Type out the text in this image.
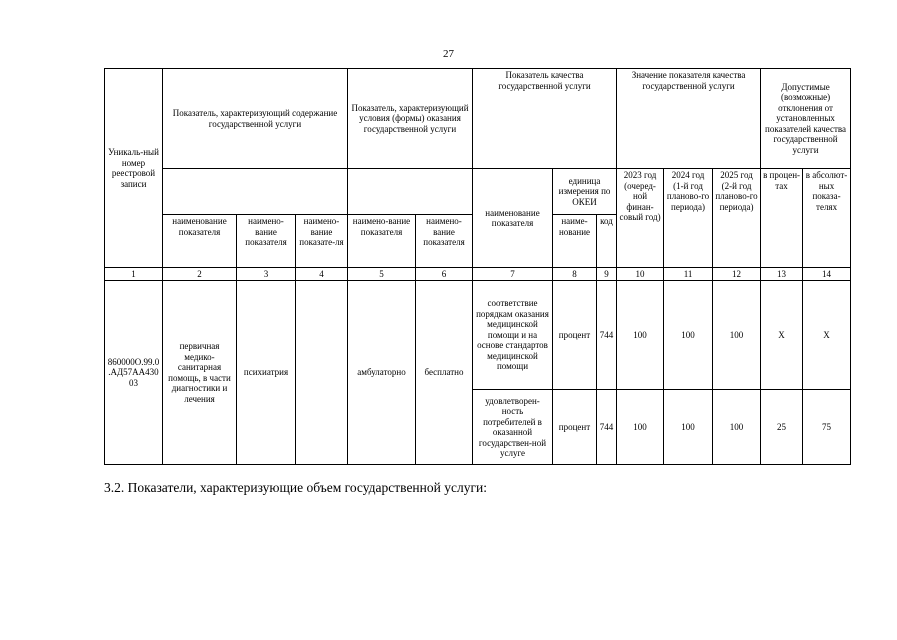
27
Уникаль-ный номер реестровой записи	Показатель, характеризующий содержание государственной услуги			Показатель, характеризующий условия (формы) оказания государственной услуги		Показатель качества государственной услуги			Значение показателя качества государственной услуги			Допустимые (возможные) отклонения от установленных показателей качества государственной услуги	
						наименование показателя	единица измерения по ОКЕИ		2023 год (очеред-ной финан-совый год)	2024 год (1-й год планово-го периода)	2025 год (2-й год планово-го периода)	в процен-тах	в абсолют-ных показа-телях
	наименование показателя	наимено-вание показателя	наимено-вание показате-ля	наимено-вание показателя	наимено-вание показателя		наиме-нование	код					
1	2	3	4	5	6	7	8	9	10	11	12	13	14
860000О.99.0.АД57АА43003	первичная медико-санитарная помощь, в части диагностики и лечения	психиатрия		амбулаторно	бесплатно	соответствие порядкам оказания медицинской помощи и на основе стандартов медицинской помощи	процент	744	100	100	100	Х	Х
						удовлетворен-ность потребителей в оказанной государствен-ной услуге	процент	744	100	100	100	25	75
3.2. Показатели, характеризующие объем государственной услуги:
